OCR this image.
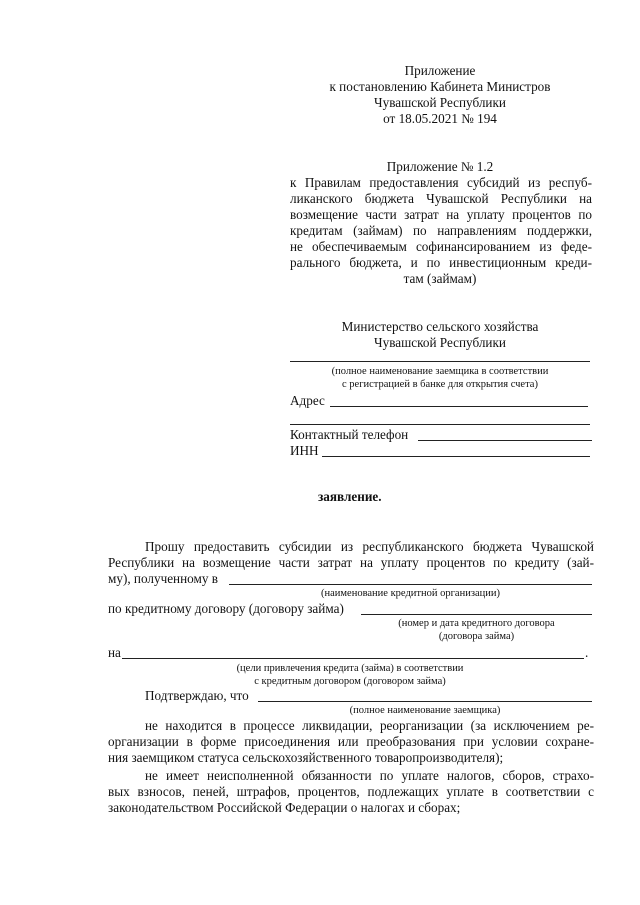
Приложение
к постановлению Кабинета Министров
Чувашской Республики
от 18.05.2021 № 194
Приложение № 1.2
к Правилам предоставления субсидий из респуб-
ликанского бюджета Чувашской Республики на
возмещение части затрат на уплату процентов по
кредитам (займам) по направлениям поддержки,
не обеспечиваемым софинансированием из феде-
рального бюджета, и по инвестиционным креди-
там (займам)
Министерство сельского хозяйства
Чувашской Республики
(полное наименование заемщика в соответствии
с регистрацией в банке для открытия счета)
Адрес
Контактный телефон
ИНН
заявление.
Прошу предоставить субсидии из республиканского бюджета Чувашской
Республики на возмещение части затрат на уплату процентов по кредиту (зай-
му), полученному в
(наименование кредитной организации)
по кредитному договору (договору займа)
(номер и дата кредитного договора
(договора займа)
на	.
(цели привлечения кредита (займа) в соответствии
с кредитным договором (договором займа)
Подтверждаю, что
(полное наименование заемщика)
не находится в процессе ликвидации, реорганизации (за исключением ре-
организации в форме присоединения или преобразования при условии сохране-
ния заемщиком статуса сельскохозяйственного товаропроизводителя);
не имеет неисполненной обязанности по уплате налогов, сборов, страхо-
вых взносов, пеней, штрафов, процентов, подлежащих уплате в соответствии с
законодательством Российской Федерации о налогах и сборах;
